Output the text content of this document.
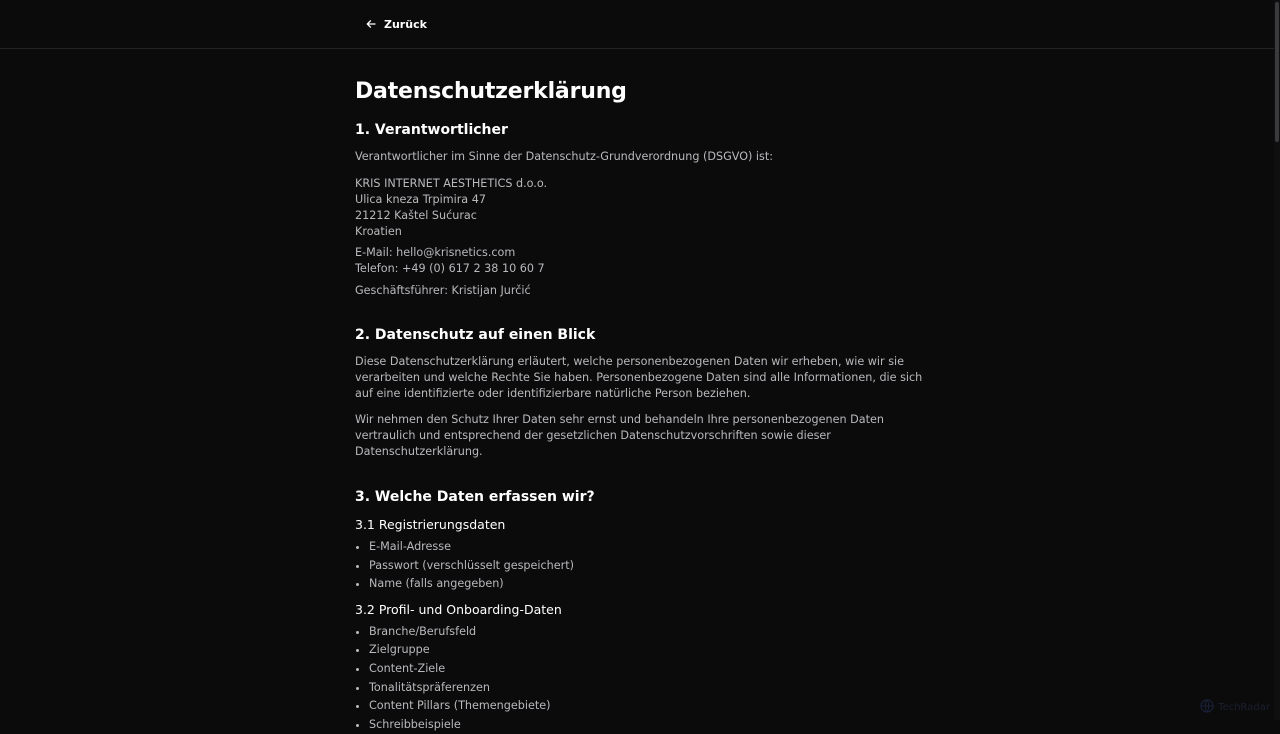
Zurück
Datenschutzerklärung
1. Verantwortlicher

Verantwortlicher im Sinne der Datenschutz-Grundverordnung (DSGVO) ist:

KRIS INTERNET AESTHETICS d.o.o.
Ulica kneza Trpimira 47
21212 Kaštel Sućurac
Kroatien
E-Mail: hello@krisnetics.com
Telefon: +49 (0) 617 2 38 10 60 7

Geschäftsführer: Kristijan Jurčić

2. Datenschutz auf einen Blick

Diese Datenschutzerklärung erläutert, welche personenbezogenen Daten wir erheben, wie wir sie verarbeiten und welche Rechte Sie haben. Personenbezogene Daten sind alle Informationen, die sich auf eine identifizierte oder identifizierbare natürliche Person beziehen.

Wir nehmen den Schutz Ihrer Daten sehr ernst und behandeln Ihre personenbezogenen Daten vertraulich und entsprechend der gesetzlichen Datenschutzvorschriften sowie dieser Datenschutzerklärung.

3. Welche Daten erfassen wir?
3.1 Registrierungsdaten
E-Mail-Adresse
Passwort (verschlüsselt gespeichert)
Name (falls angegeben)
3.2 Profil- und Onboarding-Daten
Branche/Berufsfeld
Zielgruppe
Content-Ziele
Tonalitätspräferenzen
Content Pillars (Themengebiete)
Schreibbeispiele	TechRadar
